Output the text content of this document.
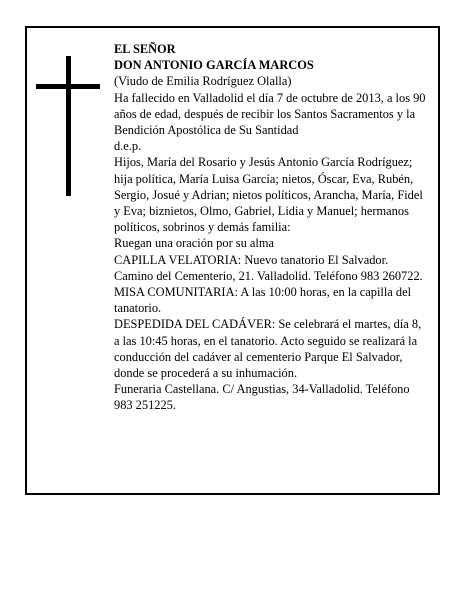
EL SEÑOR

DON ANTONIO GARCÍA MARCOS

(Viudo de Emilia Rodríguez Olalla)

Ha fallecido en Valladolid el día 7 de octubre de 2013, a los 90 años de edad, después de recibir los Santos Sacramentos y la Bendición Apostólica de Su Santidad

d.e.p.

Hijos, María del Rosario y Jesús Antonio García Rodríguez; hija política, María Luisa García; nietos, Óscar, Eva, Rubén, Sergio, Josué y Adrian; nietos políticos, Arancha, María, Fidel y Eva; biznietos, Olmo, Gabriel, Lidia y Manuel; hermanos políticos, sobrinos y demás familia:

Ruegan una oración por su alma

CAPILLA VELATORIA: Nuevo tanatorio El Salvador. Camino del Cementerio, 21. Valladolid. Teléfono 983 260722.

MISA COMUNITARIA: A las 10:00 horas, en la capilla del tanatorio.

DESPEDIDA DEL CADÁVER: Se celebrará el martes, día 8, a las 10:45 horas, en el tanatorio. Acto seguido se realizará la conducción del cadáver al cementerio Parque El Salvador, donde se procederá a su inhumación.

Funeraria Castellana. C/ Angustias, 34-Valladolid. Teléfono 983 251225.
